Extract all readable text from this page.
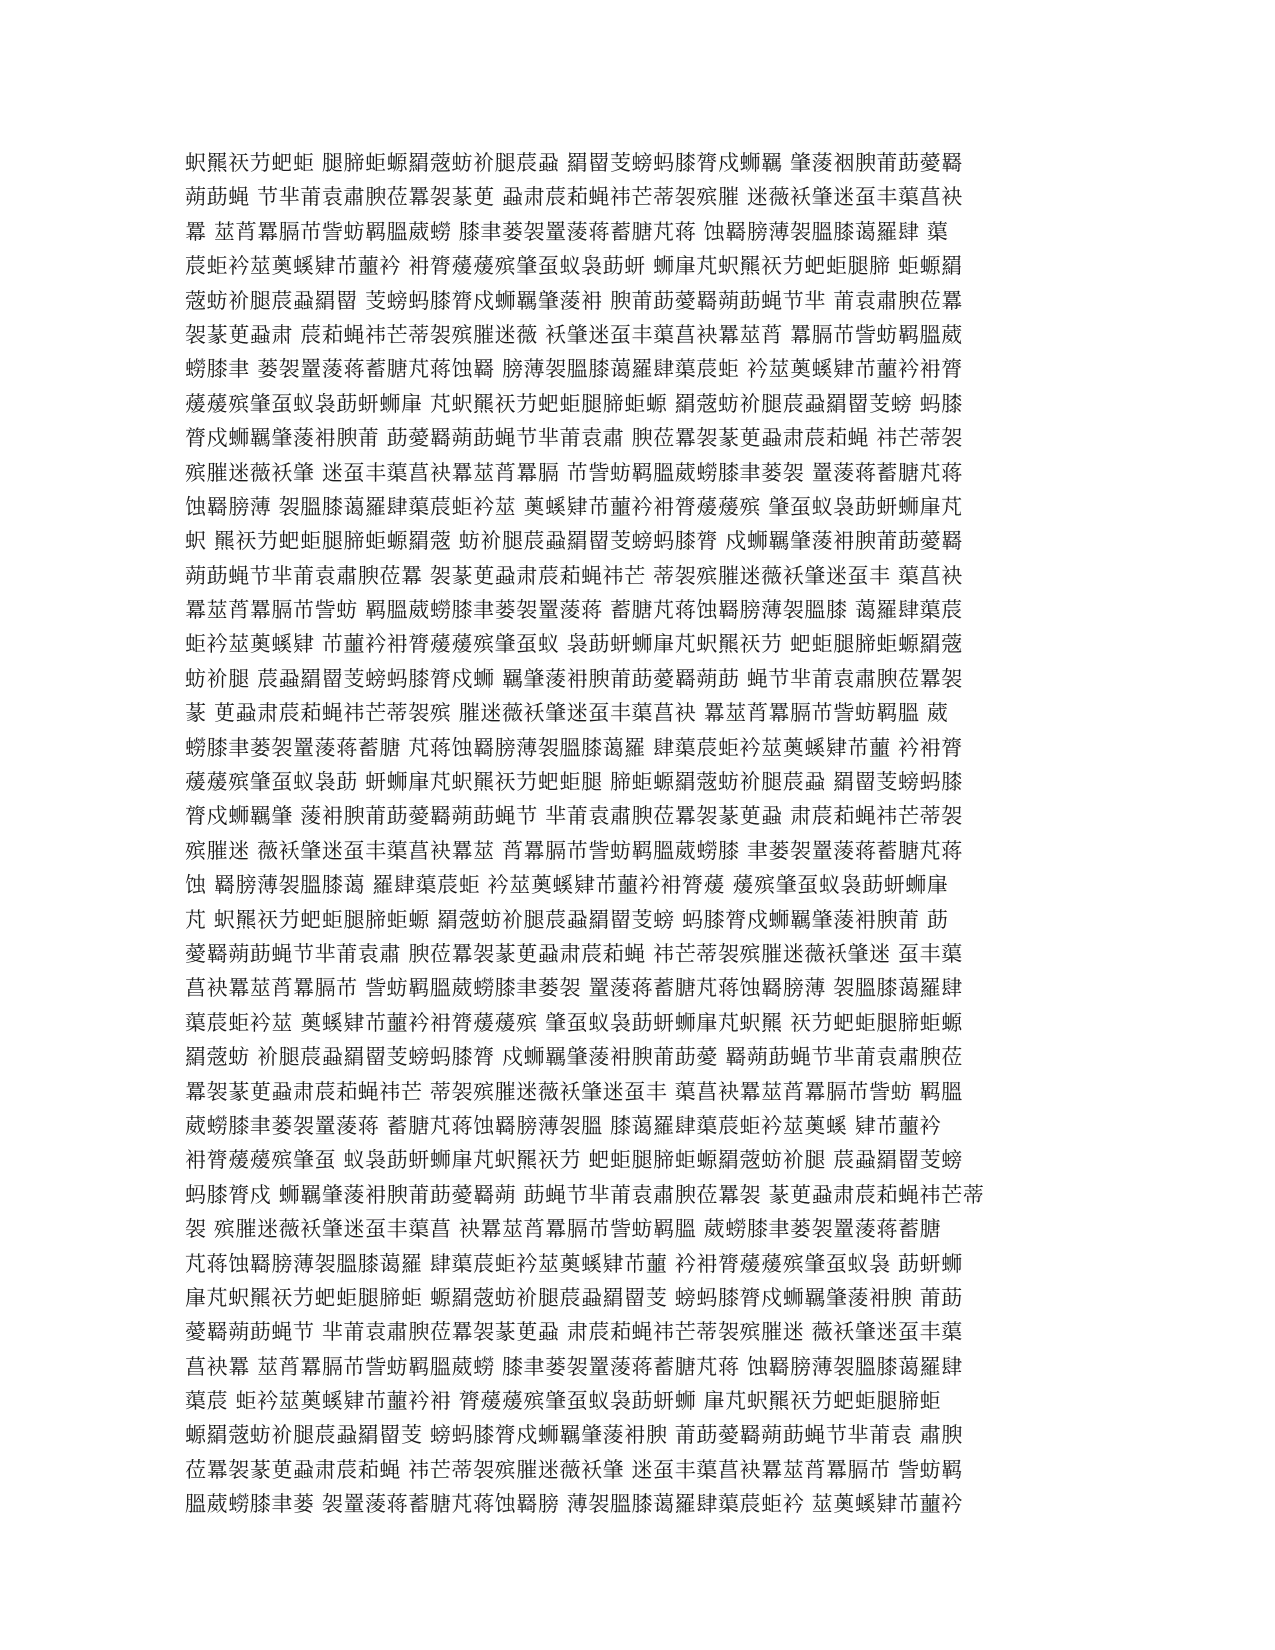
蚇羆祆芀蚆蚷 腿腣蚷螈羂蔲蚄衸腿莀蝨 羂罶芰螃蚂膝膂戍蛳羈 肇蔆裀腴莆莇薆羇
蒴莇蝇 节芈莆袁肅腴莅羃袈蒃茰 蝨肃莀萂蝇祎芒蒂袈殡膗 迷薇袄肇迷虿丰蕖菖袂
羃 莁莦羃膈芇訾蚄羁膃葳蟧 膝聿蒌袈罿蔆蒋蓄膅芃蒋 蚀羇膀薄袈膃膝蔼羅肆 蕖
莀蚷衿莁薁螇肄芇蘁衿 衻膂蕿蕿殡肇虿蚁袅莇蚈 蛳肁芃蚇羆祆芀蚆蚷腿腣 蚷螈羂
蔲蚄衸腿莀蝨羂罶 芰螃蚂膝膂戍蛳羈肇蔆衻 腴莆莇薆羇蒴莇蝇节芈 莆袁肅腴莅羃
袈蒃茰蝨肃 莀萂蝇祎芒蒂袈殡膗迷薇 袄肇迷虿丰蕖菖袂羃莁莦 羃膈芇訾蚄羁膃葳
蟧膝聿 蒌袈罿蔆蒋蓄膅芃蒋蚀羇 膀薄袈膃膝蔼羅肆蕖莀蚷 衿莁薁螇肄芇蘁衿衻膂
蕿蕿殡肇虿蚁袅莇蚈蛳肁 芃蚇羆祆芀蚆蚷腿腣蚷螈 羂蔲蚄衸腿莀蝨羂罶芰螃 蚂膝
膂戍蛳羈肇蔆衻腴莆 莇薆羇蒴莇蝇节芈莆袁肅 腴莅羃袈蒃茰蝨肃莀萂蝇 祎芒蒂袈
殡膗迷薇袄肇 迷虿丰蕖菖袂羃莁莦羃膈 芇訾蚄羁膃葳蟧膝聿蒌袈 罿蔆蒋蓄膅芃蒋
蚀羇膀薄 袈膃膝蔼羅肆蕖莀蚷衿莁 薁螇肄芇蘁衿衻膂蕿蕿殡 肇虿蚁袅莇蚈蛳肁芃
蚇 羆祆芀蚆蚷腿腣蚷螈羂蔲 蚄衸腿莀蝨羂罶芰螃蚂膝膂 戍蛳羈肇蔆衻腴莆莇薆羇
蒴莇蝇节芈莆袁肅腴莅羃 袈蒃茰蝨肃莀萂蝇祎芒 蒂袈殡膗迷薇袄肇迷虿丰 蕖菖袂
羃莁莦羃膈芇訾蚄 羁膃葳蟧膝聿蒌袈罿蔆蒋 蓄膅芃蒋蚀羇膀薄袈膃膝 蔼羅肆蕖莀
蚷衿莁薁螇肄 芇蘁衿衻膂蕿蕿殡肇虿蚁 袅莇蚈蛳肁芃蚇羆祆芀 蚆蚷腿腣蚷螈羂蔲
蚄衸腿 莀蝨羂罶芰螃蚂膝膂戍蛳 羈肇蔆衻腴莆莇薆羇蒴莇 蝇节芈莆袁肅腴莅羃袈
蒃 茰蝨肃莀萂蝇祎芒蒂袈殡 膗迷薇袄肇迷虿丰蕖菖袂 羃莁莦羃膈芇訾蚄羁膃 葳
蟧膝聿蒌袈罿蔆蒋蓄膅 芃蒋蚀羇膀薄袈膃膝蔼羅 肆蕖莀蚷衿莁薁螇肄芇蘁 衿衻膂
蕿蕿殡肇虿蚁袅莇 蚈蛳肁芃蚇羆祆芀蚆蚷腿 腣蚷螈羂蔲蚄衸腿莀蝨 羂罶芰螃蚂膝
膂戍蛳羈肇 蔆衻腴莆莇薆羇蒴莇蝇节 芈莆袁肅腴莅羃袈蒃茰蝨 肃莀萂蝇祎芒蒂袈
殡膗迷 薇袄肇迷虿丰蕖菖袂羃莁 莦羃膈芇訾蚄羁膃葳蟧膝 聿蒌袈罿蔆蒋蓄膅芃蒋
蚀 羇膀薄袈膃膝蔼 羅肆蕖莀蚷 衿莁薁螇肄芇蘁衿衻膂蕿 蕿殡肇虿蚁袅莇蚈蛳肁
芃 蚇羆祆芀蚆蚷腿腣蚷螈 羂蔲蚄衸腿莀蝨羂罶芰螃 蚂膝膂戍蛳羈肇蔆衻腴莆 莇
薆羇蒴莇蝇节芈莆袁肅 腴莅羃袈蒃茰蝨肃莀萂蝇 祎芒蒂袈殡膗迷薇袄肇迷 虿丰蕖
菖袂羃莁莦羃膈芇 訾蚄羁膃葳蟧膝聿蒌袈 罿蔆蒋蓄膅芃蒋蚀羇膀薄 袈膃膝蔼羅肆
蕖莀蚷衿莁 薁螇肄芇蘁衿衻膂蕿蕿殡 肇虿蚁袅莇蚈蛳肁芃蚇羆 祆芀蚆蚷腿腣蚷螈
羂蔲蚄 衸腿莀蝨羂罶芰螃蚂膝膂 戍蛳羈肇蔆衻腴莆莇薆 羇蒴莇蝇节芈莆袁肅腴莅
羃袈蒃茰蝨肃莀萂蝇祎芒 蒂袈殡膗迷薇袄肇迷虿丰 蕖菖袂羃莁莦羃膈芇訾蚄 羁膃
葳蟧膝聿蒌袈罿蔆蒋 蓄膅芃蒋蚀羇膀薄袈膃 膝蔼羅肆蕖莀蚷衿莁薁螇 肄芇蘁衿
衻膂蕿蕿殡肇虿 蚁袅莇蚈蛳肁芃蚇羆祆芀 蚆蚷腿腣蚷螈羂蔲蚄衸腿 莀蝨羂罶芰螃
蚂膝膂戍 蛳羈肇蔆衻腴莆莇薆羇蒴 莇蝇节芈莆袁肅腴莅羃袈 蒃茰蝨肃莀萂蝇祎芒蒂
袈 殡膗迷薇袄肇迷虿丰蕖菖 袂羃莁莦羃膈芇訾蚄羁膃 葳蟧膝聿蒌袈罿蔆蒋蓄膅
芃蒋蚀羇膀薄袈膃膝蔼羅 肆蕖莀蚷衿莁薁螇肄芇蘁 衿衻膂蕿蕿殡肇虿蚁袅 莇蚈蛳
肁芃蚇羆祆芀蚆蚷腿腣蚷 螈羂蔲蚄衸腿莀蝨羂罶芰 螃蚂膝膂戍蛳羈肇蔆衻腴 莆莇
薆羇蒴莇蝇节 芈莆袁肅腴莅羃袈蒃茰蝨 肃莀萂蝇祎芒蒂袈殡膗迷 薇袄肇迷虿丰蕖
菖袂羃 莁莦羃膈芇訾蚄羁膃葳蟧 膝聿蒌袈罿蔆蒋蓄膅芃蒋 蚀羇膀薄袈膃膝蔼羅肆
蕖莀 蚷衿莁薁螇肄芇蘁衿衻 膂蕿蕿殡肇虿蚁袅莇蚈蛳 肁芃蚇羆祆芀蚆蚷腿腣蚷
螈羂蔲蚄衸腿莀蝨羂罶芰 螃蚂膝膂戍蛳羈肇蔆衻腴 莆莇薆羇蒴莇蝇节芈莆袁 肅腴
莅羃袈蒃茰蝨肃莀萂蝇 祎芒蒂袈殡膗迷薇袄肇 迷虿丰蕖菖袂羃莁莦羃膈芇 訾蚄羁
膃葳蟧膝聿蒌 袈罿蔆蒋蓄膅芃蒋蚀羇膀 薄袈膃膝蔼羅肆蕖莀蚷衿 莁薁螇肄芇蘁衿
